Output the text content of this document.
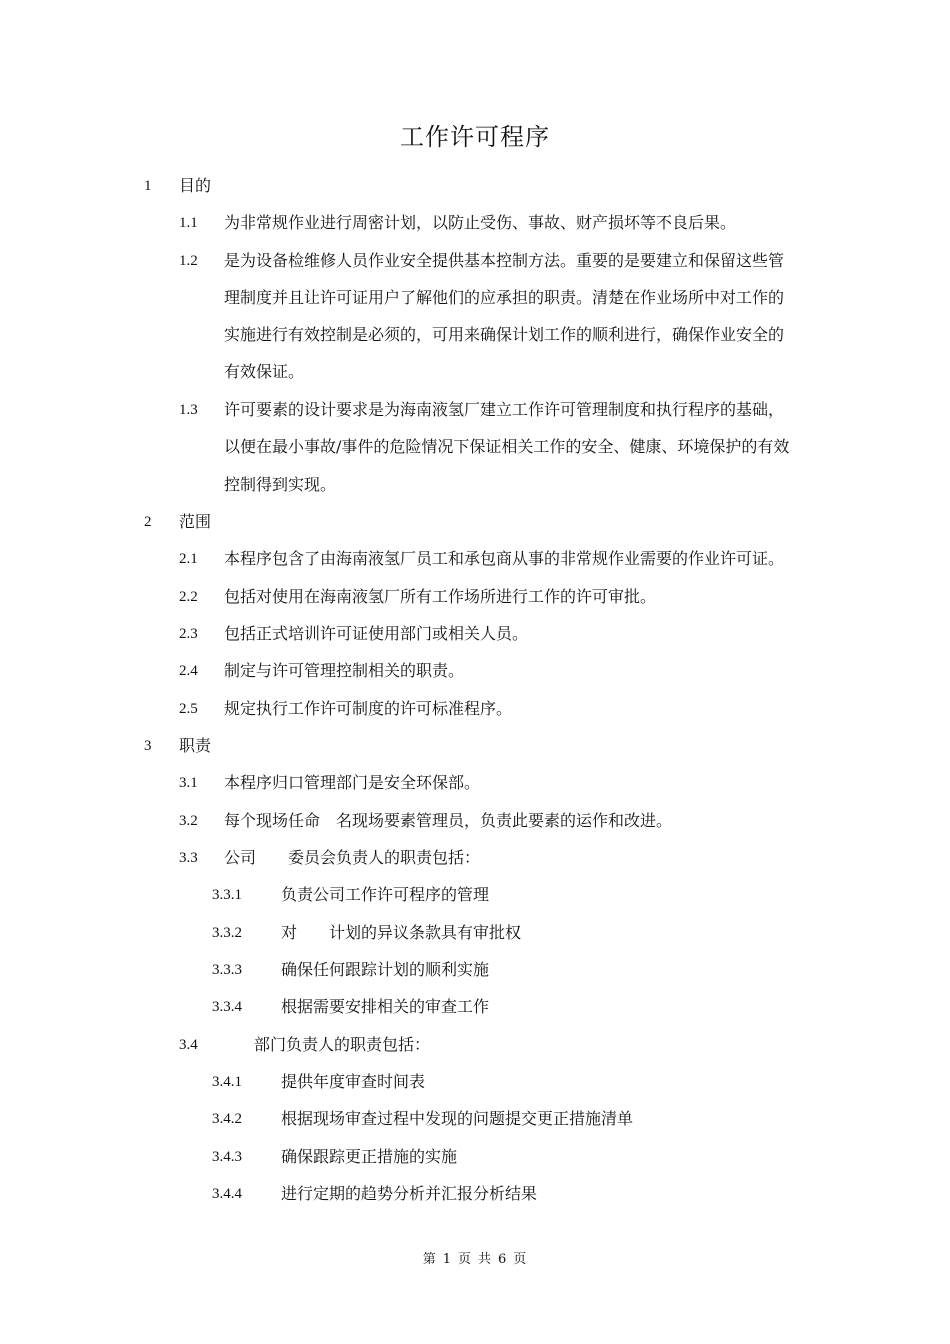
工作许可程序
1 目的
1.1 为非常规作业进行周密计划，以防止受伤、事故、财产损坏等不良后果。
1.2 是为设备检维修人员作业安全提供基本控制方法。重要的是要建立和保留这些管
理制度并且让许可证用户了解他们的应承担的职责。清楚在作业场所中对工作的
实施进行有效控制是必须的，可用来确保计划工作的顺利进行，确保作业安全的
有效保证。
1.3 许可要素的设计要求是为海南液氢厂建立工作许可管理制度和执行程序的基础，
以便在最小事故/事件的危险情况下保证相关工作的安全、健康、环境保护的有效
控制得到实现。
2 范围
2.1 本程序包含了由海南液氢厂员工和承包商从事的非常规作业需要的作业许可证。
2.2 包括对使用在海南液氢厂所有工作场所进行工作的许可审批。
2.3 包括正式培训许可证使用部门或相关人员。
2.4 制定与许可管理控制相关的职责。
2.5 规定执行工作许可制度的许可标准程序。
3 职责
3.1 本程序归口管理部门是安全环保部。
3.2 每个现场任命　名现场要素管理员，负责此要素的运作和改进。
3.3 公司　　委员会负责人的职责包括：
3.3.1 负责公司工作许可程序的管理
3.3.2 对　　计划的异议条款具有审批权
3.3.3 确保任何跟踪计划的顺利实施
3.3.4 根据需要安排相关的审查工作
3.4	部门负责人的职责包括：
3.4.1 提供年度审查时间表
3.4.2 根据现场审查过程中发现的问题提交更正措施清单
3.4.3 确保跟踪更正措施的实施
3.4.4 进行定期的趋势分析并汇报分析结果
第 1 页 共 6 页
